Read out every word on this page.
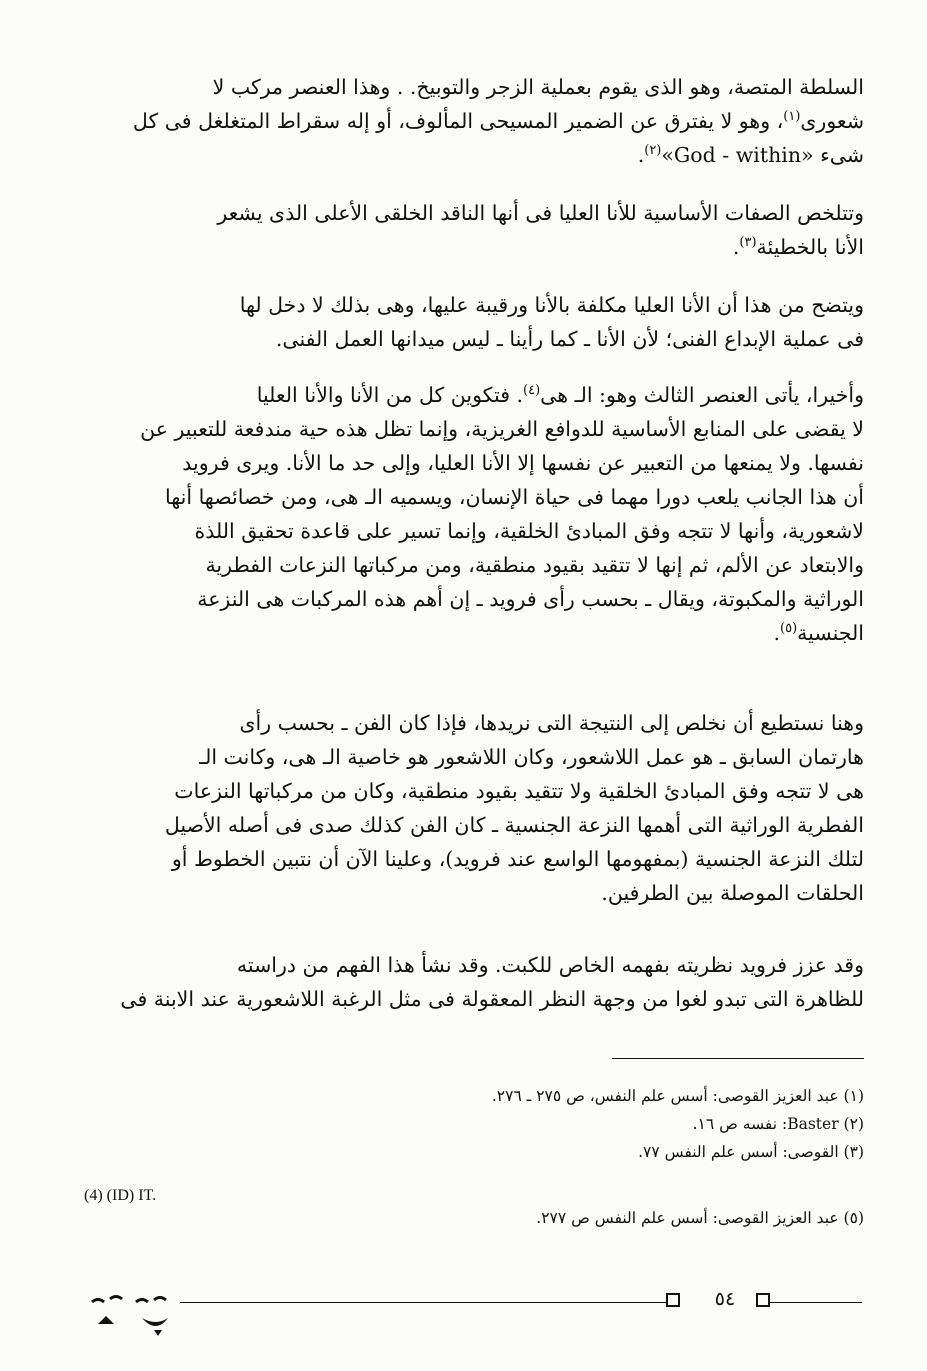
السلطة المتصة، وهو الذى يقوم بعملية الزجر والتوبيخ. . وهذا العنصر مركب لا
شعورى$^{(١)}$، وهو لا يفترق عن الضمير المسيحى المألوف، أو إله سقراط المتغلغل فى كل
شىء «God - within»$^{(٢)}$.

وتتلخص الصفات الأساسية للأنا العليا فى أنها الناقد الخلقى الأعلى الذى يشعر
الأنا بالخطيئة$^{(٣)}$.

ويتضح من هذا أن الأنا العليا مكلفة بالأنا ورقيبة عليها، وهى بذلك لا دخل لها
فى عملية الإبداع الفنى؛ لأن الأنا ـ كما رأينا ـ ليس ميدانها العمل الفنى.

وأخيرا، يأتى العنصر الثالث وهو: الـ هى$^{(٤)}$. فتكوين كل من الأنا والأنا العليا
لا يقضى على المنابع الأساسية للدوافع الغريزية، وإنما تظل هذه حية مندفعة للتعبير عن
نفسها. ولا يمنعها من التعبير عن نفسها إلا الأنا العليا، وإلى حد ما الأنا. ويرى فرويد
أن هذا الجانب يلعب دورا مهما فى حياة الإنسان، ويسميه الـ هى، ومن خصائصها أنها
لاشعورية، وأنها لا تتجه وفق المبادئ الخلقية، وإنما تسير على قاعدة تحقيق اللذة
والابتعاد عن الألم، ثم إنها لا تتقيد بقيود منطقية، ومن مركباتها النزعات الفطرية
الوراثية والمكبوتة، ويقال ـ بحسب رأى فرويد ـ إن أهم هذه المركبات هى النزعة
الجنسية$^{(٥)}$.

وهنا نستطيع أن نخلص إلى النتيجة التى نريدها، فإذا كان الفن ـ بحسب رأى
هارتمان السابق ـ هو عمل اللاشعور، وكان اللاشعور هو خاصية الـ هى، وكانت الـ
هى لا تتجه وفق المبادئ الخلقية ولا تتقيد بقيود منطقية، وكان من مركباتها النزعات
الفطرية الوراثية التى أهمها النزعة الجنسية ـ كان الفن كذلك صدى فى أصله الأصيل
لتلك النزعة الجنسية (بمفهومها الواسع عند فرويد)، وعلينا الآن أن نتبين الخطوط أو
الحلقات الموصلة بين الطرفين.

وقد عزز فرويد نظريته بفهمه الخاص للكبت. وقد نشأ هذا الفهم من دراسته
للظاهرة التى تبدو لغوا من وجهة النظر المعقولة فى مثل الرغبة اللاشعورية عند الابنة فى

(١) عبد العزيز القوصى: أسس علم النفس، ص ٢٧٥ ـ ٢٧٦.
(٢) Baster: نفسه ص ١٦.
(٣) القوصى: أسس علم النفس ٧٧.
(4) (ID) IT.
(٥) عبد العزيز القوصى: أسس علم النفس ص ٢٧٧.
٥٤
